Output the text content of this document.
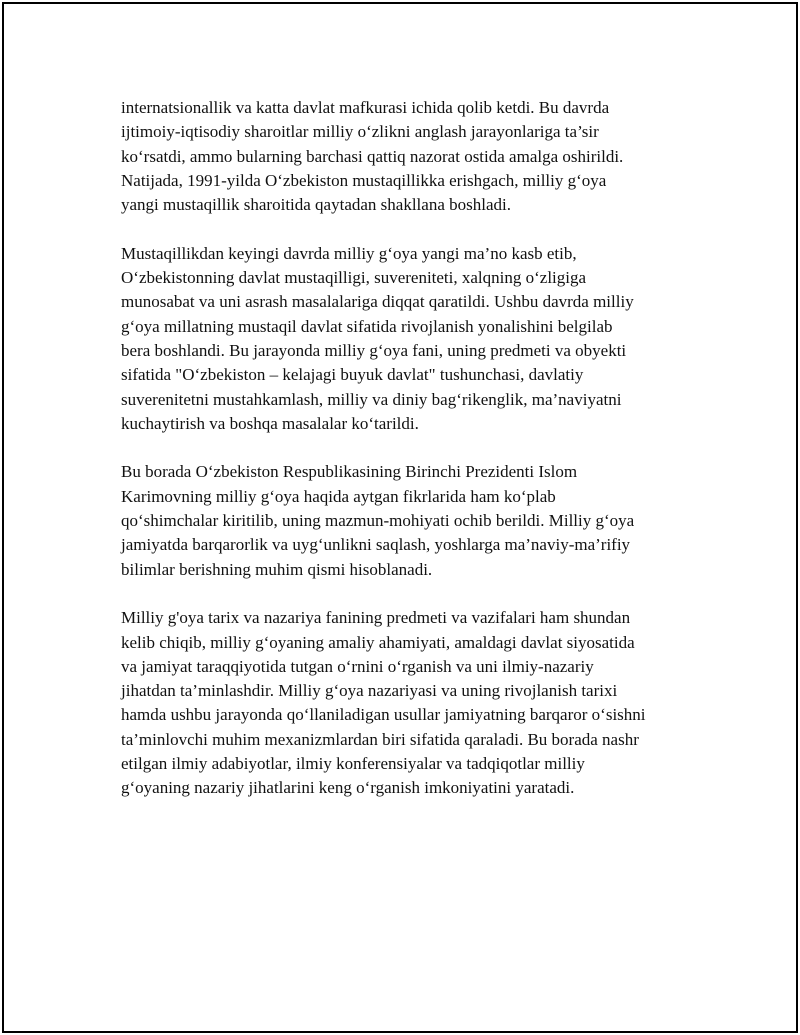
internatsionallik va katta davlat mafkurasi ichida qolib ketdi. Bu davrda
ijtimoiy-iqtisodiy sharoitlar milliy o‘zlikni anglash jarayonlariga ta’sir
ko‘rsatdi, ammo bularning barchasi qattiq nazorat ostida amalga oshirildi.
Natijada, 1991-yilda O‘zbekiston mustaqillikka erishgach, milliy g‘oya
yangi mustaqillik sharoitida qaytadan shakllana boshladi.

Mustaqillikdan keyingi davrda milliy g‘oya yangi ma’no kasb etib,
O‘zbekistonning davlat mustaqilligi, suvereniteti, xalqning o‘zligiga
munosabat va uni asrash masalalariga diqqat qaratildi. Ushbu davrda milliy
g‘oya millatning mustaqil davlat sifatida rivojlanish yonalishini belgilab
bera boshlandi. Bu jarayonda milliy g‘oya fani, uning predmeti va obyekti
sifatida "O‘zbekiston – kelajagi buyuk davlat" tushunchasi, davlatiy
suverenitetni mustahkamlash, milliy va diniy bag‘rikenglik, ma’naviyatni
kuchaytirish va boshqa masalalar ko‘tarildi.

Bu borada O‘zbekiston Respublikasining Birinchi Prezidenti Islom
Karimovning milliy g‘oya haqida aytgan fikrlarida ham ko‘plab
qo‘shimchalar kiritilib, uning mazmun-mohiyati ochib berildi. Milliy g‘oya
jamiyatda barqarorlik va uyg‘unlikni saqlash, yoshlarga ma’naviy-ma’rifiy
bilimlar berishning muhim qismi hisoblanadi.

Milliy g'oya tarix va nazariya fanining predmeti va vazifalari ham shundan
kelib chiqib, milliy g‘oyaning amaliy ahamiyati, amaldagi davlat siyosatida
va jamiyat taraqqiyotida tutgan o‘rnini o‘rganish va uni ilmiy-nazariy
jihatdan ta’minlashdir. Milliy g‘oya nazariyasi va uning rivojlanish tarixi
hamda ushbu jarayonda qo‘llaniladigan usullar jamiyatning barqaror o‘sishni
ta’minlovchi muhim mexanizmlardan biri sifatida qaraladi. Bu borada nashr
etilgan ilmiy adabiyotlar, ilmiy konferensiyalar va tadqiqotlar milliy
g‘oyaning nazariy jihatlarini keng o‘rganish imkoniyatini yaratadi.
